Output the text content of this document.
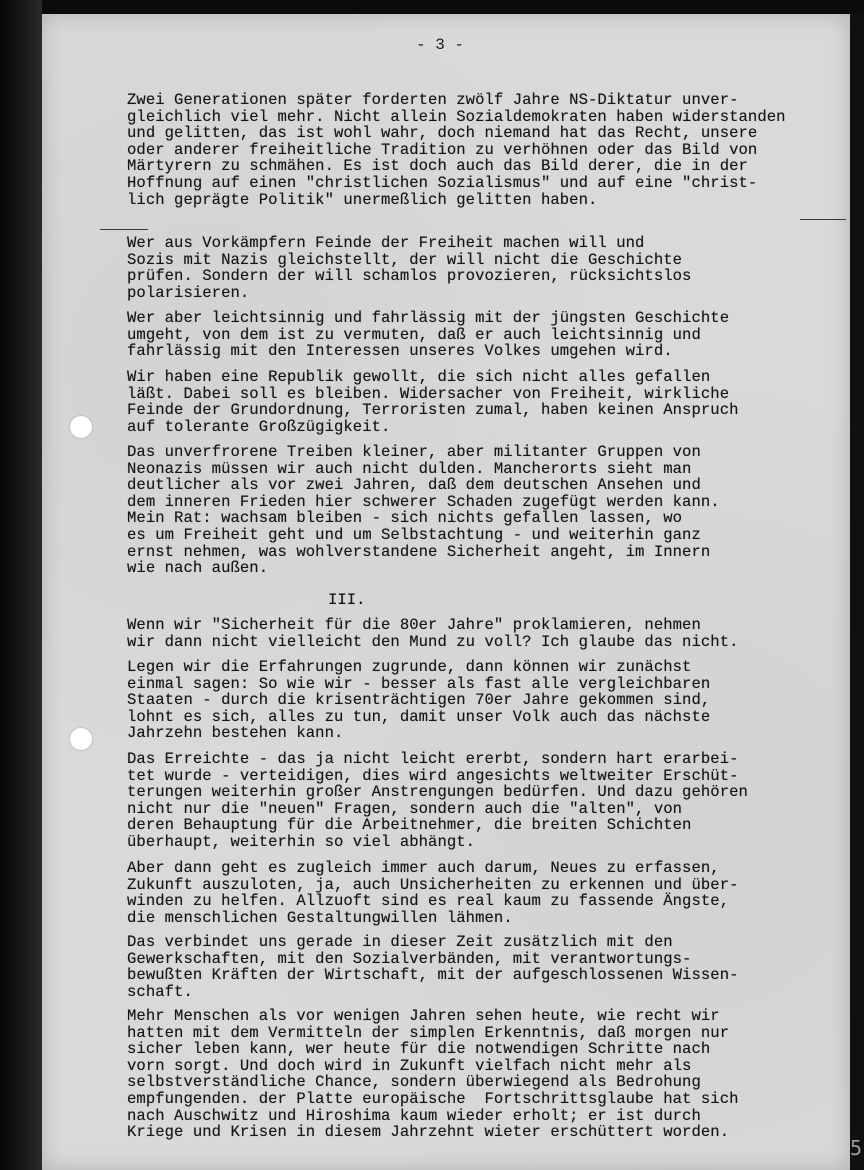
- 3 -

Zwei Generationen später forderten zwölf Jahre NS-Diktatur unver-
gleichlich viel mehr. Nicht allein Sozialdemokraten haben widerstanden
und gelitten, das ist wohl wahr, doch niemand hat das Recht, unsere
oder anderer freiheitliche Tradition zu verhöhnen oder das Bild von
Märtyrern zu schmähen. Es ist doch auch das Bild derer, die in der
Hoffnung auf einen "christlichen Sozialismus" und auf eine "christ-
lich geprägte Politik" unermeßlich gelitten haben.

Wer aus Vorkämpfern Feinde der Freiheit machen will und
Sozis mit Nazis gleichstellt, der will nicht die Geschichte
prüfen. Sondern der will schamlos provozieren, rücksichtslos
polarisieren.

Wer aber leichtsinnig und fahrlässig mit der jüngsten Geschichte
umgeht, von dem ist zu vermuten, daß er auch leichtsinnig und
fahrlässig mit den Interessen unseres Volkes umgehen wird.

Wir haben eine Republik gewollt, die sich nicht alles gefallen
läßt. Dabei soll es bleiben. Widersacher von Freiheit, wirkliche
Feinde der Grundordnung, Terroristen zumal, haben keinen Anspruch
auf tolerante Großzügigkeit.

Das unverfrorene Treiben kleiner, aber militanter Gruppen von
Neonazis müssen wir auch nicht dulden. Mancherorts sieht man
deutlicher als vor zwei Jahren, daß dem deutschen Ansehen und
dem inneren Frieden hier schwerer Schaden zugefügt werden kann.
Mein Rat: wachsam bleiben - sich nichts gefallen lassen, wo
es um Freiheit geht und um Selbstachtung - und weiterhin ganz
ernst nehmen, was wohlverstandene Sicherheit angeht, im Innern
wie nach außen.

III.

Wenn wir "Sicherheit für die 80er Jahre" proklamieren, nehmen
wir dann nicht vielleicht den Mund zu voll? Ich glaube das nicht.

Legen wir die Erfahrungen zugrunde, dann können wir zunächst
einmal sagen: So wie wir - besser als fast alle vergleichbaren
Staaten - durch die krisenträchtigen 70er Jahre gekommen sind,
lohnt es sich, alles zu tun, damit unser Volk auch das nächste
Jahrzehn bestehen kann.

Das Erreichte - das ja nicht leicht ererbt, sondern hart erarbei-
tet wurde - verteidigen, dies wird angesichts weltweiter Erschüt-
terungen weiterhin großer Anstrengungen bedürfen. Und dazu gehören
nicht nur die "neuen" Fragen, sondern auch die "alten", von
deren Behauptung für die Arbeitnehmer, die breiten Schichten
überhaupt, weiterhin so viel abhängt.

Aber dann geht es zugleich immer auch darum, Neues zu erfassen,
Zukunft auszuloten, ja, auch Unsicherheiten zu erkennen und über-
winden zu helfen. Allzuoft sind es real kaum zu fassende Ängste,
die menschlichen Gestaltungwillen lähmen.

Das verbindet uns gerade in dieser Zeit zusätzlich mit den
Gewerkschaften, mit den Sozialverbänden, mit verantwortungs-
bewußten Kräften der Wirtschaft, mit der aufgeschlossenen Wissen-
schaft.

Mehr Menschen als vor wenigen Jahren sehen heute, wie recht wir
hatten mit dem Vermitteln der simplen Erkenntnis, daß morgen nur
sicher leben kann, wer heute für die notwendigen Schritte nach
vorn sorgt. Und doch wird in Zukunft vielfach nicht mehr als
selbstverständliche Chance, sondern überwiegend als Bedrohung
empfungenden. der Platte europäische  Fortschrittsglaube hat sich
nach Auschwitz und Hiroshima kaum wieder erholt; er ist durch
Kriege und Krisen in diesem Jahrzehnt wieter erschüttert worden.

5
